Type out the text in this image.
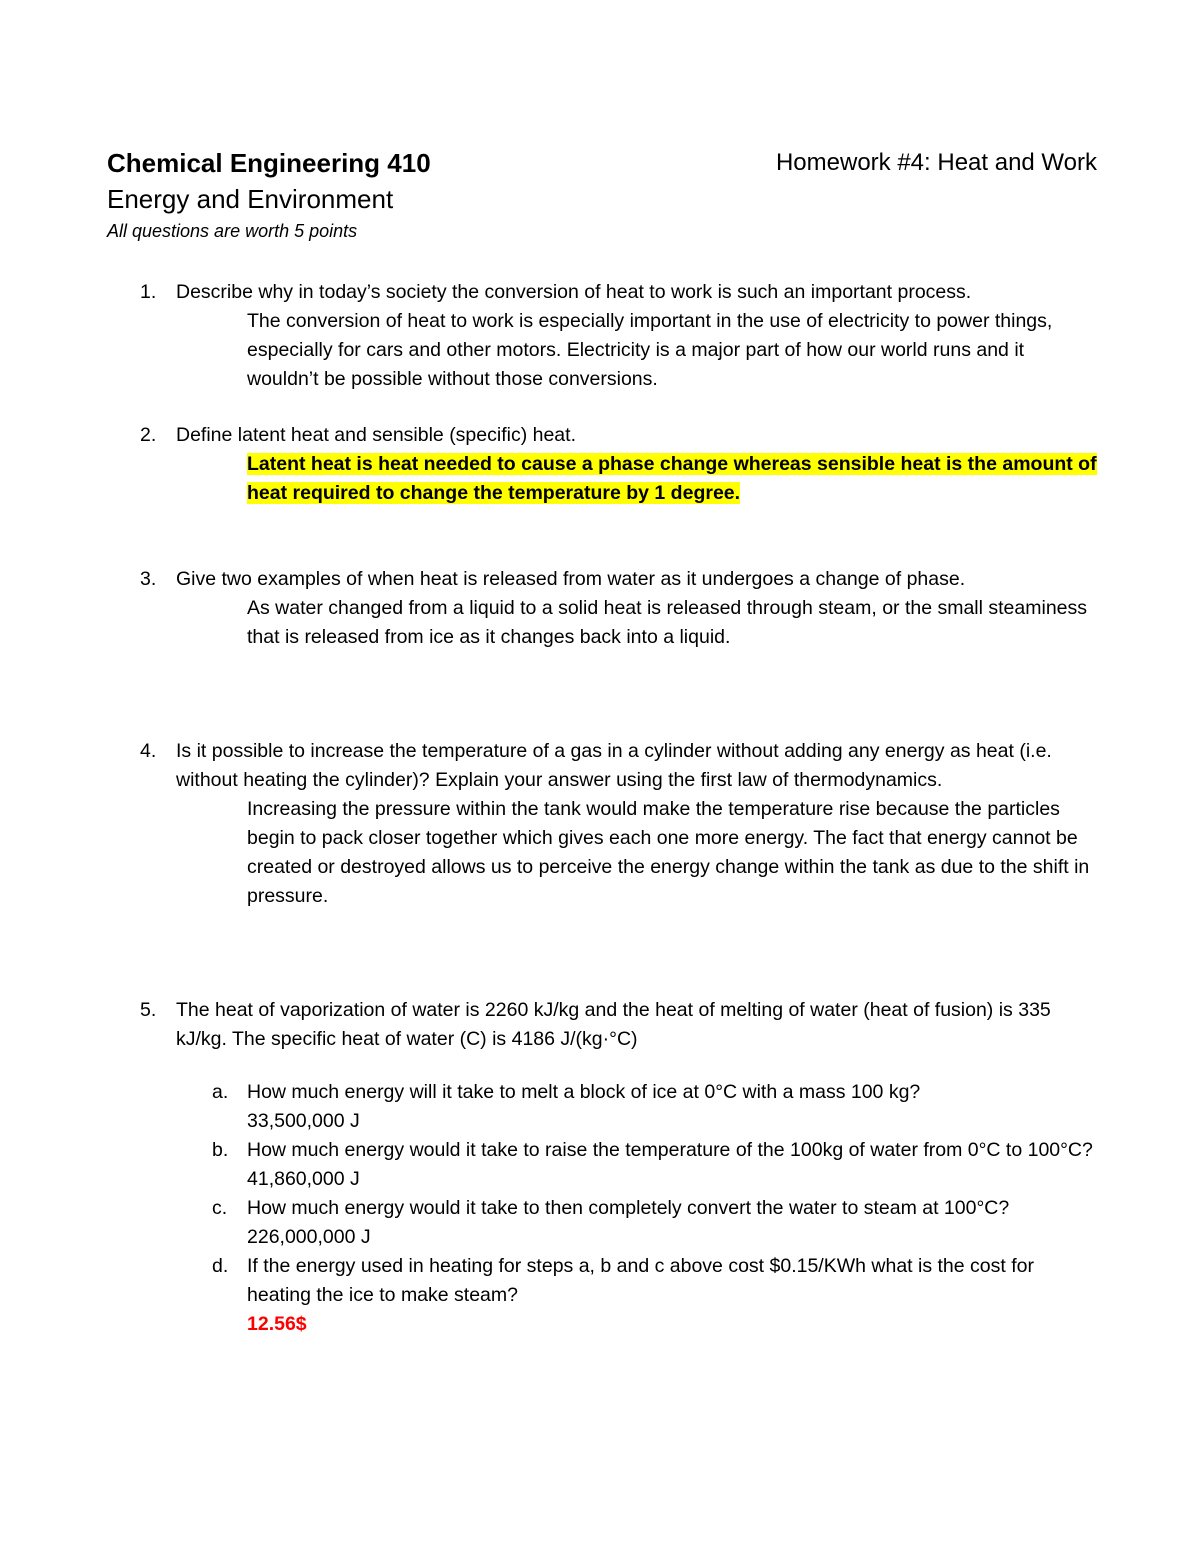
Chemical Engineering 410	Homework #4: Heat and Work
Energy and Environment
All questions are worth 5 points
1. Describe why in today’s society the conversion of heat to work is such an important process.
The conversion of heat to work is especially important in the use of electricity to power things, especially for cars and other motors. Electricity is a major part of how our world runs and it wouldn’t be possible without those conversions.
2. Define latent heat and sensible (specific) heat.
Latent heat is heat needed to cause a phase change whereas sensible heat is the amount of heat required to change the temperature by 1 degree.
3. Give two examples of when heat is released from water as it undergoes a change of phase.
As water changed from a liquid to a solid heat is released through steam, or the small steaminess that is released from ice as it changes back into a liquid.
4. Is it possible to increase the temperature of a gas in a cylinder without adding any energy as heat (i.e. without heating the cylinder)? Explain your answer using the first law of thermodynamics.
Increasing the pressure within the tank would make the temperature rise because the particles begin to pack closer together which gives each one more energy. The fact that energy cannot be created or destroyed allows us to perceive the energy change within the tank as due to the shift in pressure.
5. The heat of vaporization of water is 2260 kJ/kg and the heat of melting of water (heat of fusion) is 335 kJ/kg. The specific heat of water (C) is 4186 J/(kg·°C)
a. How much energy will it take to melt a block of ice at 0°C with a mass 100 kg?
33,500,000 J
b. How much energy would it take to raise the temperature of the 100kg of water from 0°C to 100°C?
41,860,000 J
c. How much energy would it take to then completely convert the water to steam at 100°C?
226,000,000 J
d. If the energy used in heating for steps a, b and c above cost $0.15/KWh what is the cost for heating the ice to make steam?
12.56$
